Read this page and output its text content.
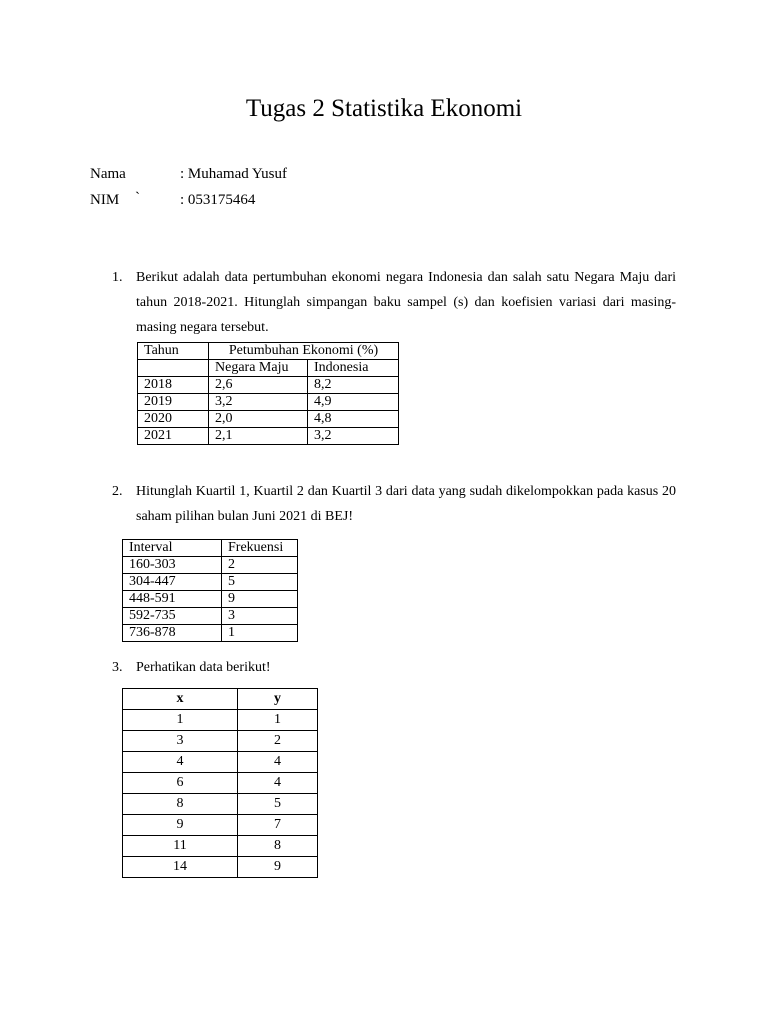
Tugas 2 Statistika Ekonomi
Nama	: Muhamad Yusuf
NIM `	: 053175464
1. Berikut adalah data pertumbuhan ekonomi negara Indonesia dan salah satu Negara Maju dari tahun 2018-2021. Hitunglah simpangan baku sampel (s) dan koefisien variasi dari masing-masing negara tersebut.
Tahun	Petumbuhan Ekonomi (%)	
	Negara Maju	Indonesia
2018	2,6	8,2
2019	3,2	4,9
2020	2,0	4,8
2021	2,1	3,2
2. Hitunglah Kuartil 1, Kuartil 2 dan Kuartil 3 dari data yang sudah dikelompokkan pada kasus 20 saham pilihan bulan Juni 2021 di BEJ!
Interval	Frekuensi
160-303	2
304-447	5
448-591	9
592-735	3
736-878	1
3. Perhatikan data berikut!
x	y
1	1
3	2
4	4
6	4
8	5
9	7
11	8
14	9
